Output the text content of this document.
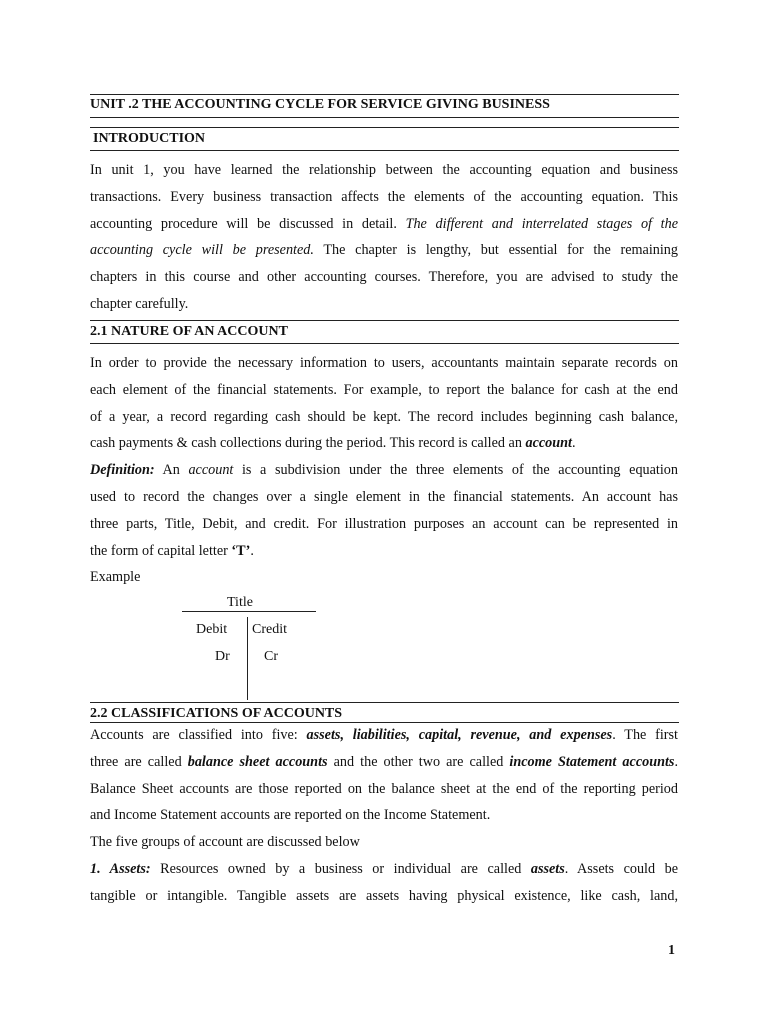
UNIT .2 THE ACCOUNTING CYCLE FOR SERVICE GIVING BUSINESS
INTRODUCTION
In unit 1, you have learned the relationship between the accounting equation and business
transactions. Every business transaction affects the elements of the accounting equation. This
accounting procedure will be discussed in detail. The different and interrelated stages of the
accounting cycle will be presented. The chapter is lengthy, but essential for the remaining
chapters in this course and other accounting courses. Therefore, you are advised to study the
chapter carefully.
2.1 NATURE OF AN ACCOUNT
In order to provide the necessary information to users, accountants maintain separate records on
each element of the financial statements. For example, to report the balance for cash at the end
of a year, a record regarding cash should be kept. The record includes beginning cash balance,
cash payments & cash collections during the period. This record is called an account.
Definition: An account is a subdivision under the three elements of the accounting equation
used to record the changes over a single element in the financial statements. An account has
three parts, Title, Debit, and credit. For illustration purposes an account can be represented in
the form of capital letter ‘T’.
Example
Title
Debit Credit
Dr Cr
2.2 CLASSIFICATIONS OF ACCOUNTS
Accounts are classified into five: assets, liabilities, capital, revenue, and expenses. The first
three are called balance sheet accounts and the other two are called income Statement accounts.
Balance Sheet accounts are those reported on the balance sheet at the end of the reporting period
and Income Statement accounts are reported on the Income Statement.
The five groups of account are discussed below
1. Assets: Resources owned by a business or individual are called assets. Assets could be
tangible or intangible. Tangible assets are assets having physical existence, like cash, land,
1
